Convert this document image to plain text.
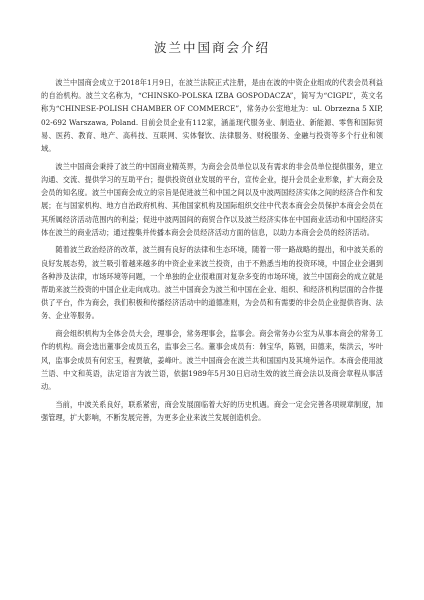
波兰中国商会介绍

波兰中国商会成立于2018年1月9日，在波兰法院正式注册，是由在波的中资企业组成的代表会员利益的自治机构。波兰文名称为，“CHINSKO-POLSKA IZBA GOSPODACZA”，简写为“CIGPL”，英文名称为“CHINESE-POLISH CHAMBER OF COMMERCE”，常务办公室地址为：ul. Obrzezna 5 XIP, 02-692 Warszawa, Poland. 目前会员企业有112家，涵盖现代服务业、制造业、新能源、零售和国际贸易、医药、教育、地产、高科技、互联网、实体餐饮、法律服务、财税服务、金融与投资等多个行业和领域。

波兰中国商会秉持了波兰的中国商业精英界，为商会会员单位以及有需求的非会员单位提供服务，建立沟通、交流、提供学习的互助平台；提供投资创业发展的平台，宣传企业，提升会员企业形象，扩大商会及会员的知名度。波兰中国商会成立的宗旨是促进波兰和中国之间以及中波两国经济实体之间的经济合作和发展；在与国家机构、地方自治政府机构、其他国家机构及国际组织交往中代表本商会会员保护本商会会员在其所属经济活动范围内的利益；促进中波两国间的商贸合作以及波兰经济实体在中国商业活动和中国经济实体在波兰的商业活动；通过搜集并传播本商会会员经济活动方面的信息，以助力本商会会员的经济活动。

随着波兰政治经济的改革，波兰拥有良好的法律和生态环境，随着一带一路战略的提出，和中波关系的良好发展态势，波兰吸引着越来越多的中资企业来波兰投资，由于不熟悉当地的投资环境，中国企业会遇到各种涉及法律，市场环境等问题，一个单独的企业很难面对复杂多变的市场环境，波兰中国商会的成立就是帮助来波兰投资的中国企业走向成功。波兰中国商会为波兰和中国在企业、组织、和经济机构层面的合作提供了平台，作为商会，我们积极和传播经济活动中的道德准则，为会员和有需要的非会员企业提供咨询、法务、企业等服务。

商会组织机构为全体会员大会，理事会，常务理事会，监事会。商会常务办公室为从事本商会的常务工作的机构。商会选出董事会成员五名，监事会三名。董事会成员有：韩宝华，陈钢，田德来，柴洪云，岑叶风，监事会成员有何宏玉，程贾敏，姜峰叶。波兰中国商会在波兰共和国国内及其境外运作。本商会使用波兰语、中文和英语，法定语言为波兰语，依据1989年5月30日启动生效的波兰商会法以及商会章程从事活动。

当前，中波关系良好，联系紧密，商会发展面临着大好的历史机遇。商会一定会完善各项规章制度，加强管理，扩大影响，不断发展完善，为更多企业来波兰发展创造机会。
